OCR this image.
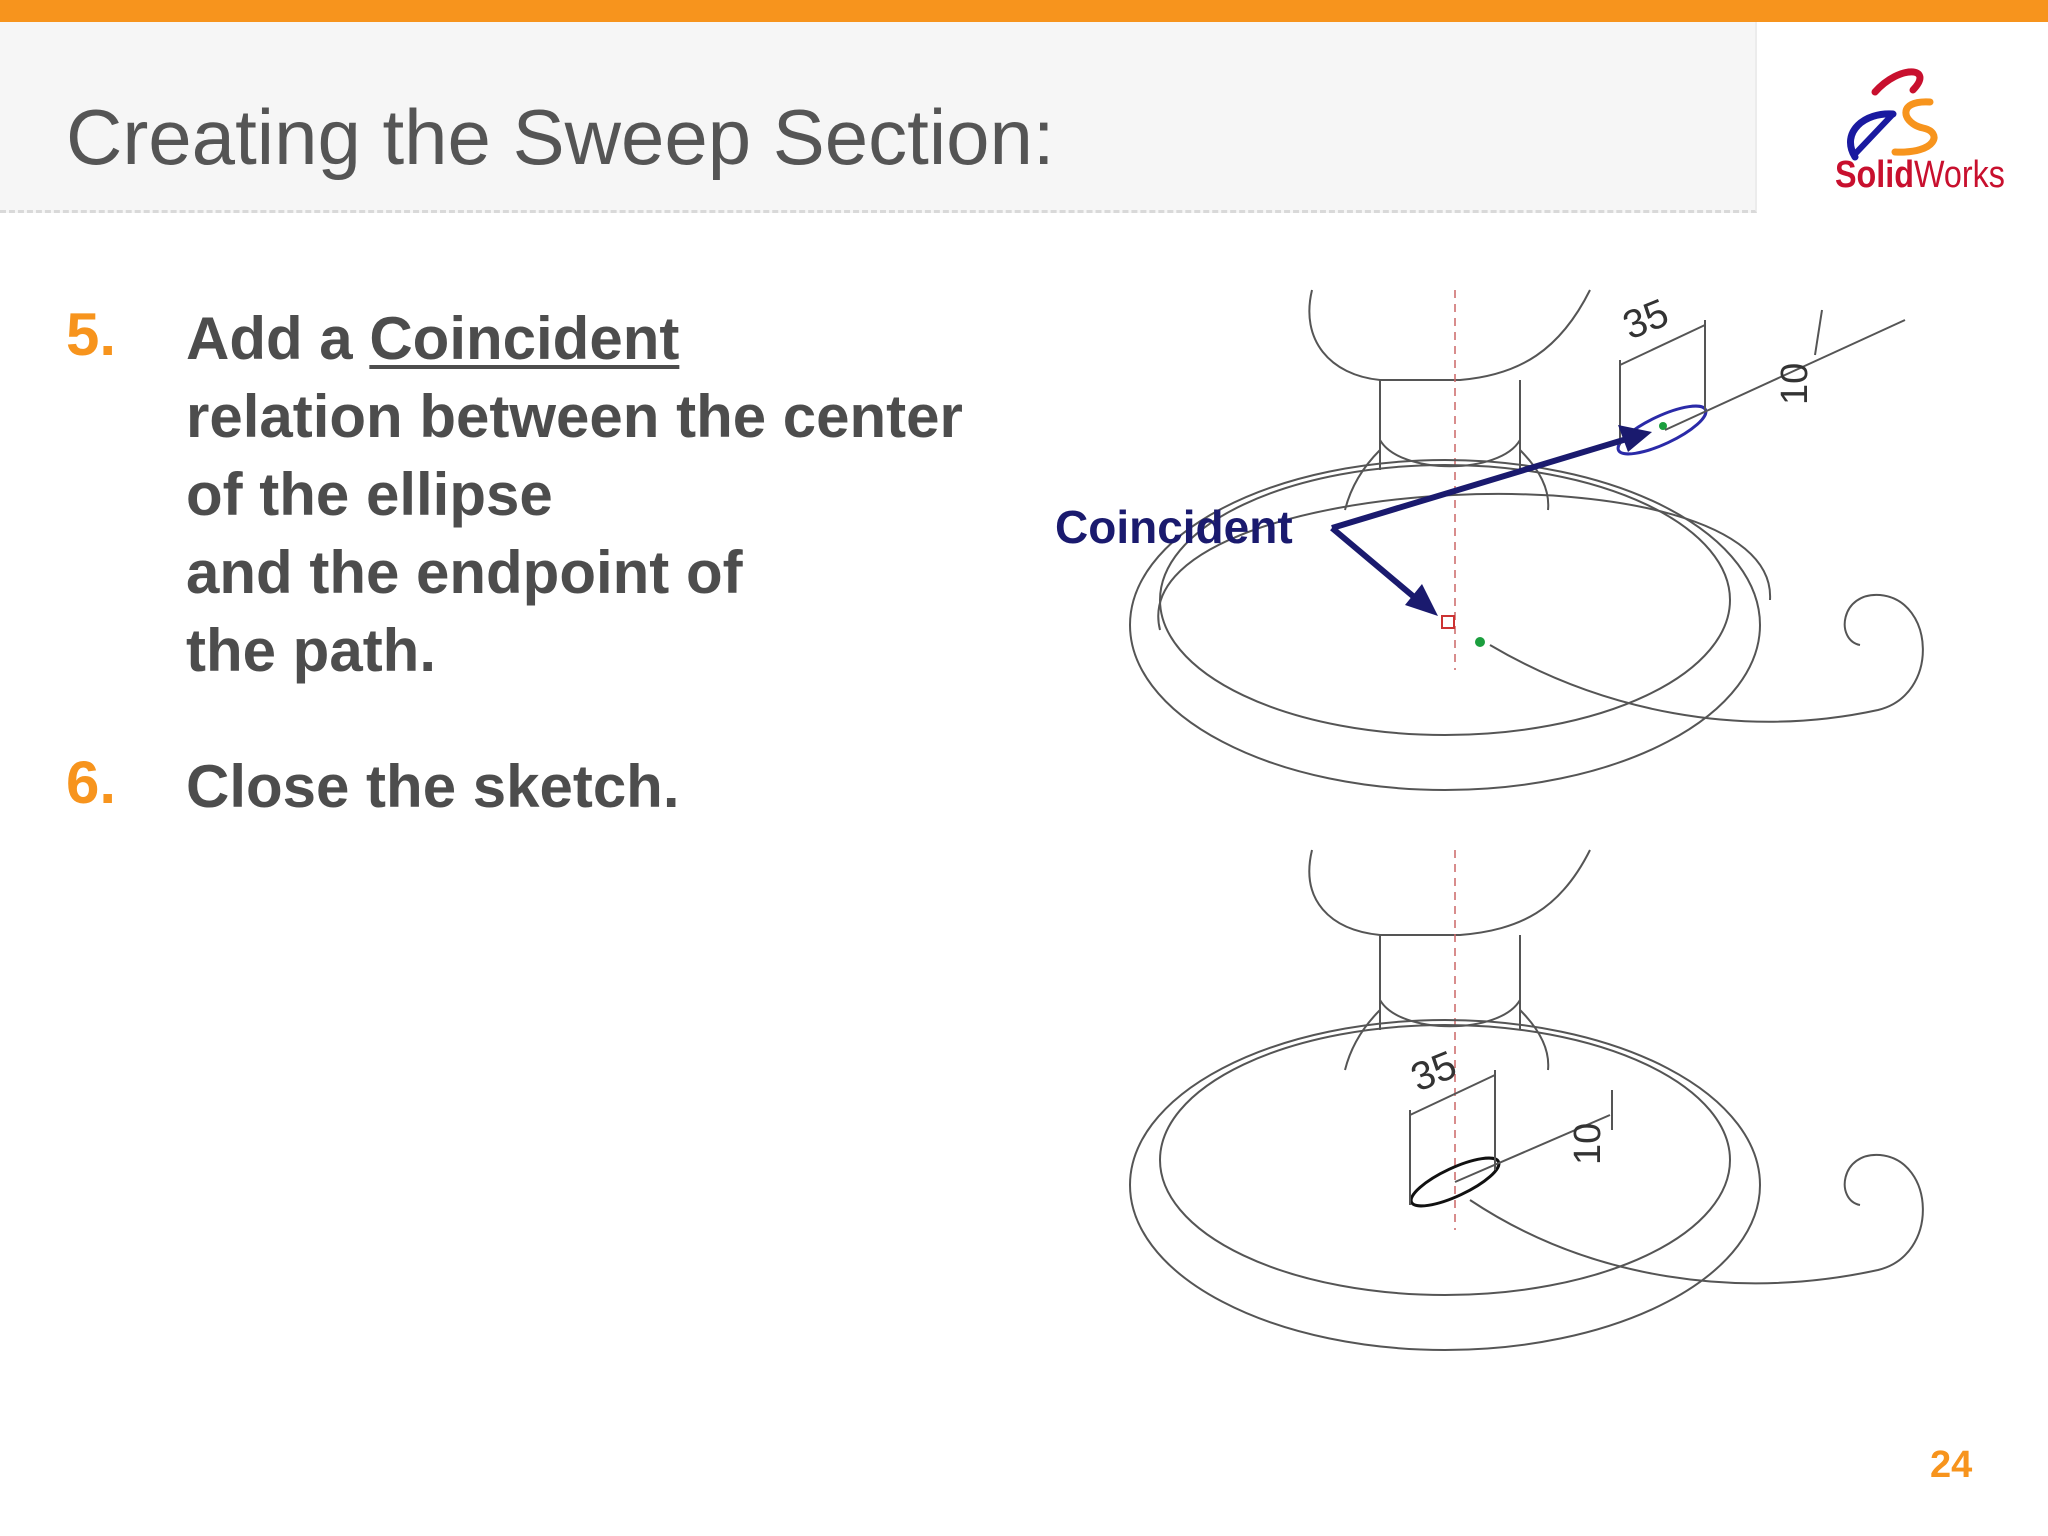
Creating the Sweep Section:	SolidWorks
5. Add a Coincident
relation between the center
of the ellipse
and the endpoint of
the path.

6. Close the sketch.

35
10
35
10
Coincident
24
